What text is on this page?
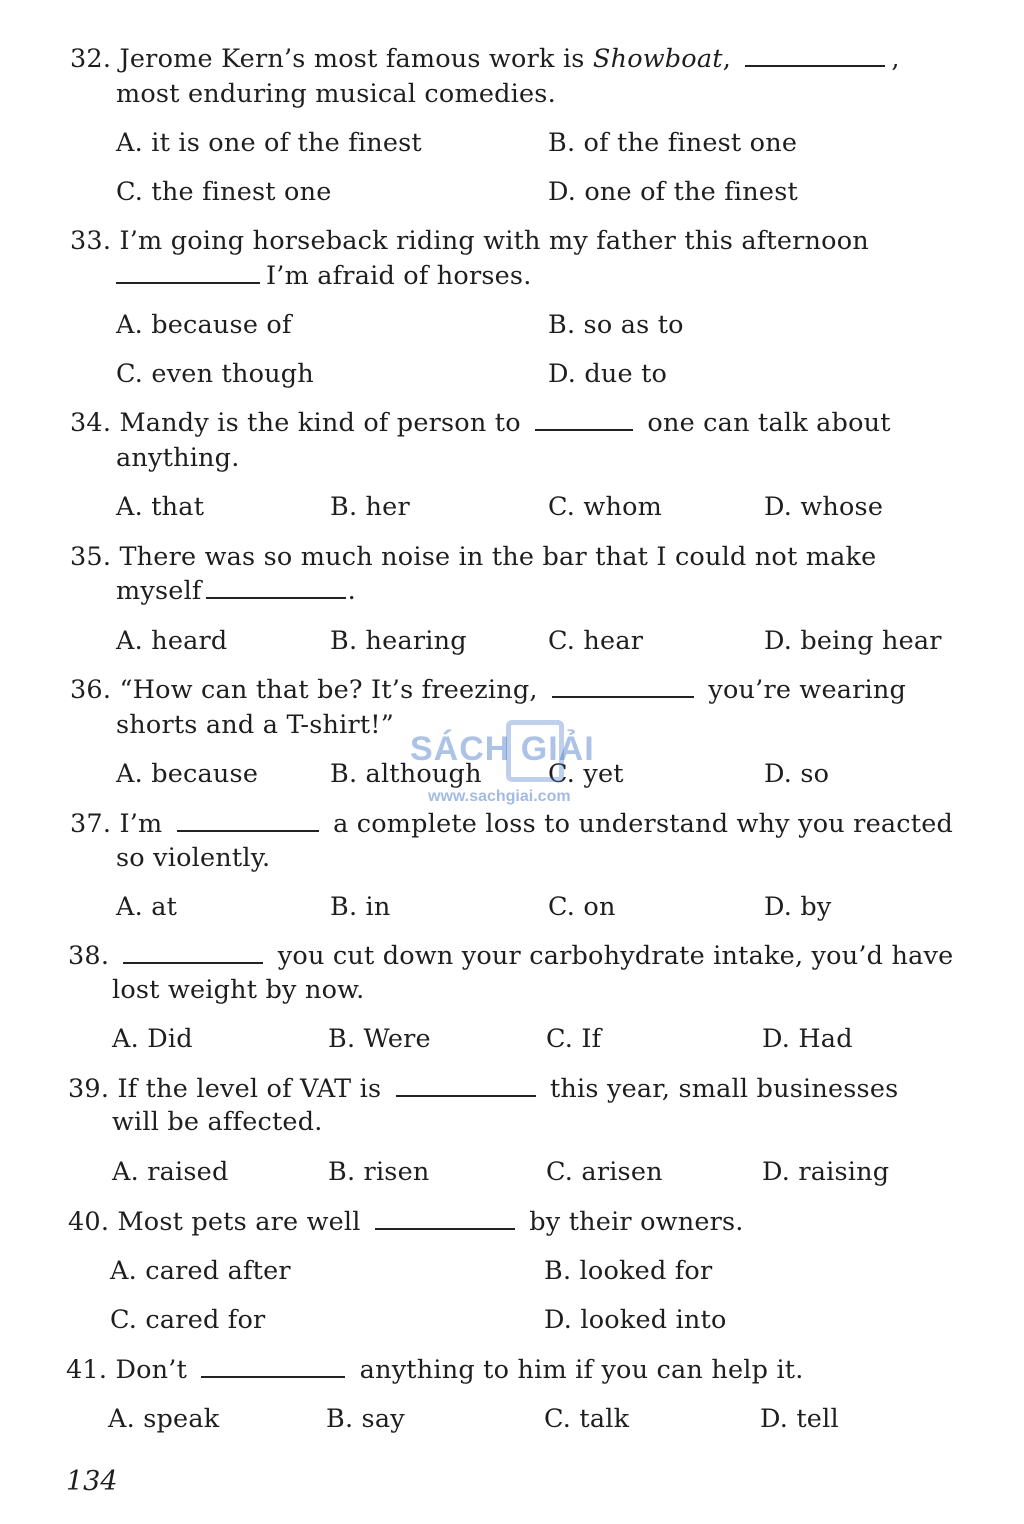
32. Jerome Kern’s most famous work is Showboat,	,
most enduring musical comedies.
A. it is one of the finest	B. of the finest one
C. the finest one	D. one of the finest
33. I’m going horseback riding with my father this afternoon
I’m afraid of horses.
A. because of	B. so as to
C. even though	D. due to
34. Mandy is the kind of person to	one can talk about
anything.
A. that	B. her	C. whom	D. whose
35. There was so much noise in the bar that I could not make
myself	.
A. heard	B. hearing	C. hear	D. being hear
36. “How can that be? It’s freezing,	you’re wearing
shorts and a T-shirt!”
A. because	B. although	C. yet	D. so
SÁCH GIẢI
www.sachgiai.com
37. I’m	a complete loss to understand why you reacted
so violently.
A. at	B. in	C. on	D. by
38.	you cut down your carbohydrate intake, you’d have
lost weight by now.
A. Did	B. Were	C. If	D. Had
39. If the level of VAT is	this year, small businesses
will be affected.
A. raised	B. risen	C. arisen	D. raising
40. Most pets are well	by their owners.
A. cared after	B. looked for
C. cared for	D. looked into
41. Don’t	anything to him if you can help it.
A. speak	B. say	C. talk	D. tell
134
